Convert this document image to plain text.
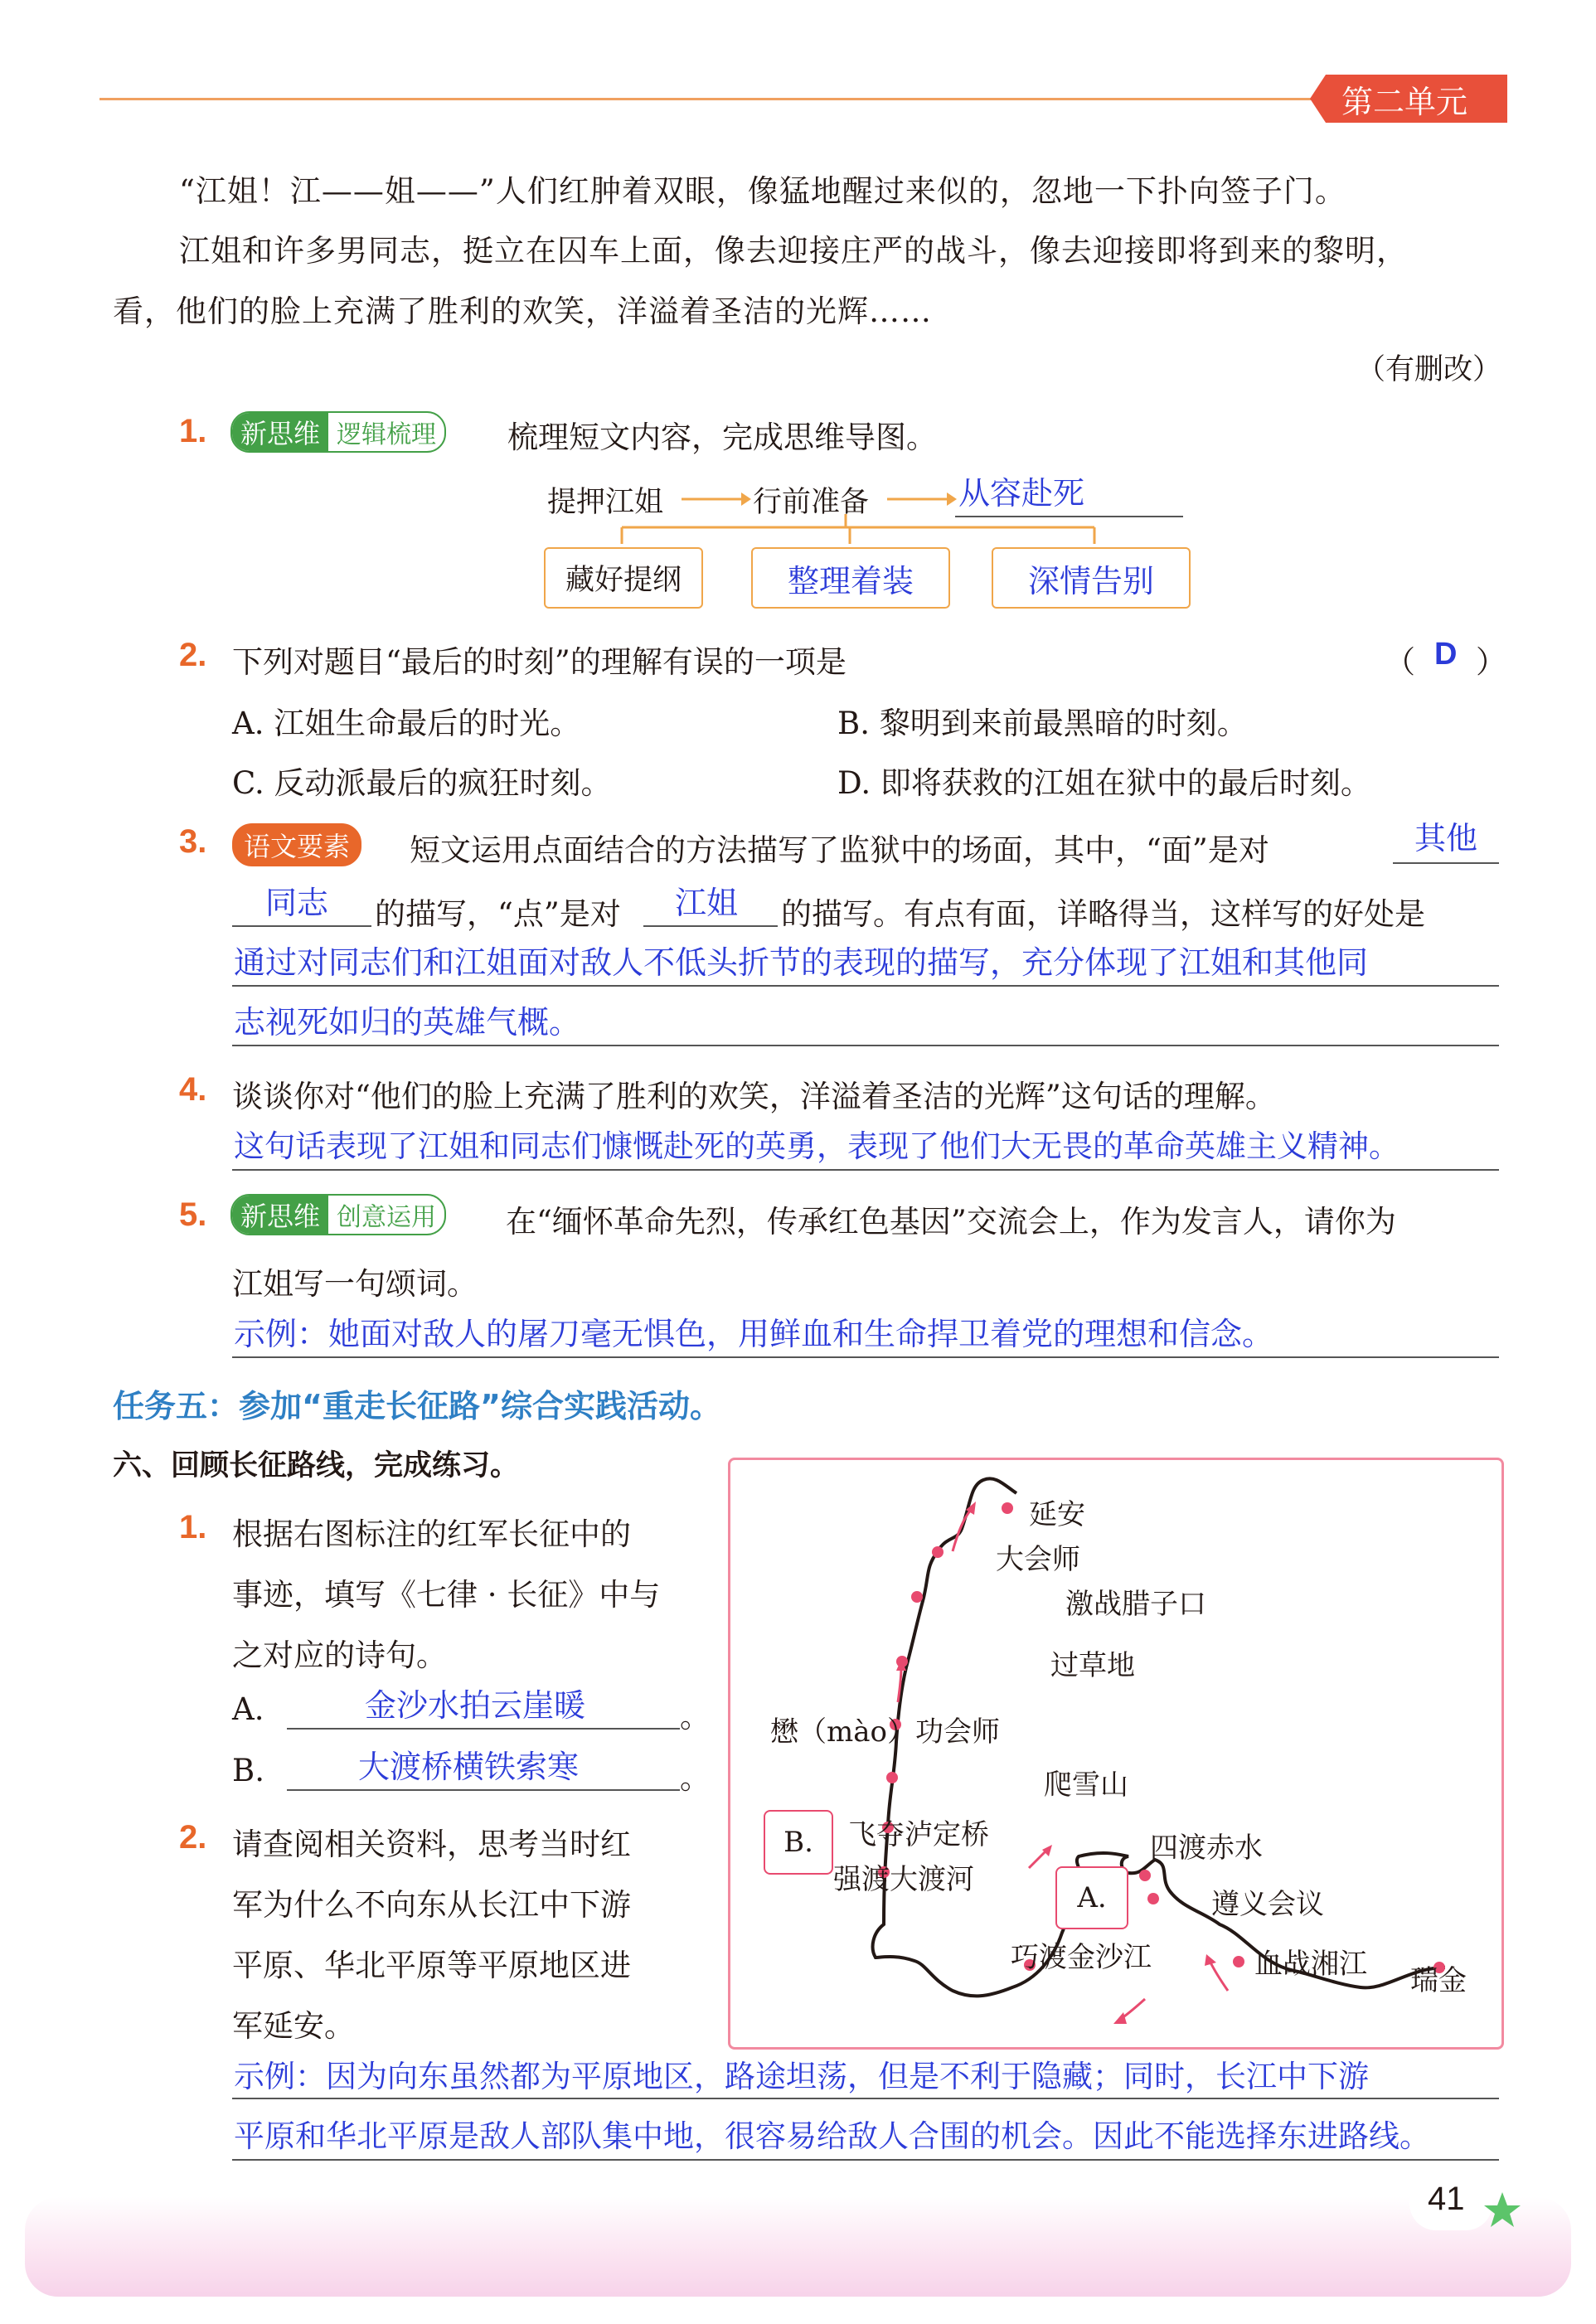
第二单元
“江姐！江——姐——”人们红肿着双眼，像猛地醒过来似的，忽地一下扑向签子门。
江姐和许多男同志，挺立在囚车上面，像去迎接庄严的战斗，像去迎接即将到来的黎明，
看，他们的脸上充满了胜利的欢笑，洋溢着圣洁的光辉……
（有删改）
1.	新思维 逻辑梳理 梳理短文内容，完成思维导图。
提押江姐	行前准备	从容赴死
藏好提纲	整理着装	深情告别
2. 下列对题目“最后的时刻”的理解有误的一项是	（ D ）
A. 江姐生命最后的时光。	B. 黎明到来前最黑暗的时刻。
C. 反动派最后的疯狂时刻。	D. 即将获救的江姐在狱中的最后时刻。
3. 语文要素 短文运用点面结合的方法描写了监狱中的场面，其中，“面”是对	其他
同志 的描写，“点”是对 江姐 的描写。有点有面，详略得当，这样写的好处是
通过对同志们和江姐面对敌人不低头折节的表现的描写，充分体现了江姐和其他同
志视死如归的英雄气概。
4. 谈谈你对“他们的脸上充满了胜利的欢笑，洋溢着圣洁的光辉”这句话的理解。
这句话表现了江姐和同志们慷慨赴死的英勇，表现了他们大无畏的革命英雄主义精神。
5.	新思维 创意运用 在“缅怀革命先烈，传承红色基因”交流会上，作为发言人，请你为
江姐写一句颂词。
示例：她面对敌人的屠刀毫无惧色，用鲜血和生命捍卫着党的理想和信念。
任务五：参加“重走长征路”综合实践活动。
六、回顾长征路线，完成练习。
1. 根据右图标注的红军长征中的
事迹，填写《七律 · 长征》中与
之对应的诗句。
A.	金沙水拍云崖暖	。
B.	大渡桥横铁索寒	。
2. 请查阅相关资料，思考当时红
军为什么不向东从长江中下游
平原、华北平原等平原地区进
军延安。
示例：因为向东虽然都为平原地区，路途坦荡，但是不利于隐藏；同时，长江中下游
平原和华北平原是敌人部队集中地，很容易给敌人合围的机会。因此不能选择东进路线。
延安
大会师
激战腊子口
过草地
懋（mào）功会师
爬雪山
飞夺泸定桥
强渡大渡河
四渡赤水
遵义会议
巧渡金沙江	血战湘江 瑞金
A.
B.
41
